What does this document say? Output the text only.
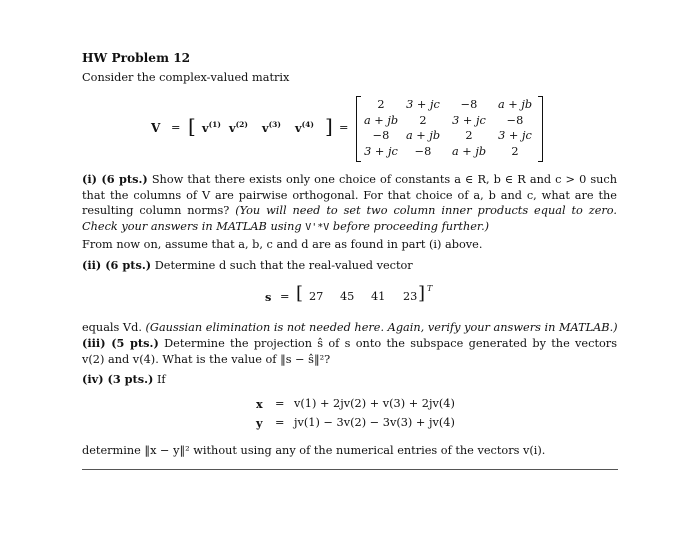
HW Problem 12
Consider the complex-valued matrix
V = [ $v^{(1)}$ $v^{(2)}$ $v^{(3)}$ $v^{(4)}$ ] =
2	3 + jc	−8	a + jb
a + jb	2	3 + jc	−8
−8	a + jb	2	3 + jc
3 + jc	−8	a + jb	2
(i) (6 pts.) Show that there exists only one choice of constants a ∈ R, b ∈ R and c > 0 such that the columns of V are pairwise orthogonal. For that choice of a, b and c, what are the resulting column norms? (You will need to set two column inner products equal to zero. Check your answers in MATLAB using V'*V before proceeding further.)
From now on, assume that a, b, c and d are as found in part (i) above.
(ii) (6 pts.) Determine d such that the real-valued vector
s = [ 27 45 41 23 ] T
equals Vd. (Gaussian elimination is not needed here. Again, verify your answers in MATLAB.)
(iii) (5 pts.) Determine the projection ŝ of s onto the subspace generated by the vectors v(2) and v(4). What is the value of ‖s − ŝ‖²?
(iv) (3 pts.) If
x = v(1) + 2jv(2) + v(3) + 2jv(4)
y = jv(1) − 3v(2) − 3v(3) + jv(4)
determine ‖x − y‖² without using any of the numerical entries of the vectors v(i).
